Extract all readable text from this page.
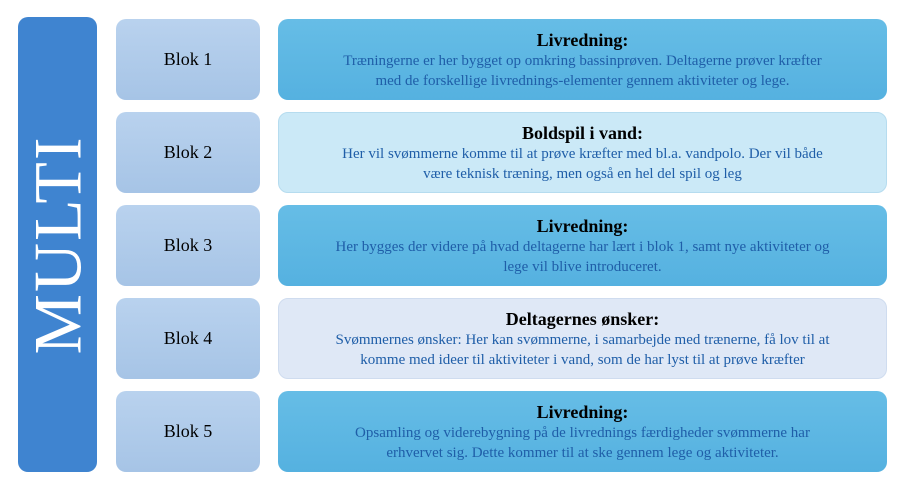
MULTI
Blok 1
Livredning:
Træningerne er her bygget op omkring bassinprøven. Deltagerne prøver kræfter
med de forskellige livrednings-elementer gennem aktiviteter og lege.
Blok 2
Boldspil i vand:
Her vil svømmerne komme til at prøve kræfter med bl.a. vandpolo. Der vil både
være teknisk træning, men også en hel del spil og leg
Blok 3
Livredning:
Her bygges der videre på hvad deltagerne har lært i blok 1, samt nye aktiviteter og
lege vil blive introduceret.
Blok 4
Deltagernes ønsker:
Svømmernes ønsker: Her kan svømmerne, i samarbejde med trænerne, få lov til at
komme med ideer til aktiviteter i vand, som de har lyst til at prøve kræfter
Blok 5
Livredning:
Opsamling og viderebygning på de livrednings færdigheder svømmerne har
erhvervet sig. Dette kommer til at ske gennem lege og aktiviteter.
